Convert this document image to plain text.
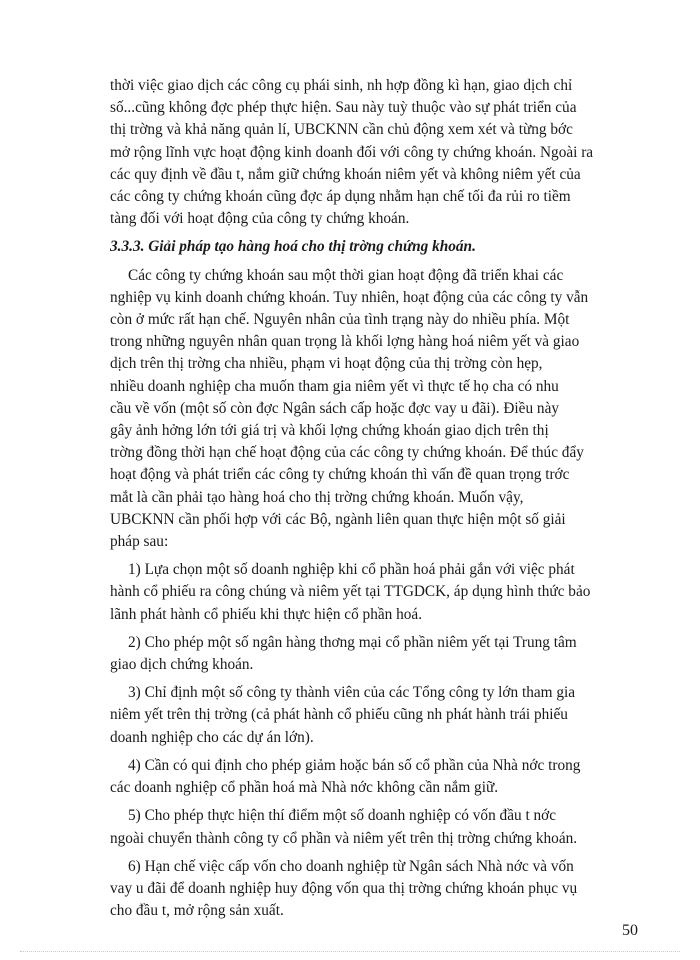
thời việc giao dịch các công cụ phái sinh, nh hợp đồng kì hạn, giao dịch chỉ
số...cũng không đợc phép thực hiện. Sau này tuỳ thuộc vào sự phát triển của
thị trờng và khả năng quản lí, UBCKNN cần chủ động xem xét và từng bớc
mở rộng lĩnh vực hoạt động kinh doanh đối với công ty chứng khoán. Ngoài ra
các quy định về đầu t, nắm giữ chứng khoán niêm yết và không niêm yết của
các công ty chứng khoán cũng đợc áp dụng nhằm hạn chế tối đa rủi ro tiềm
tàng đối với hoạt động của công ty chứng khoán.
3.3.3. Giải pháp tạo hàng hoá cho thị trờng chứng khoán.
Các công ty chứng khoán sau một thời gian hoạt động đã triển khai các
nghiệp vụ kinh doanh chứng khoán. Tuy nhiên, hoạt động của các công ty vẫn
còn ở mức rất hạn chế. Nguyên nhân của tình trạng này do nhiều phía. Một
trong những nguyên nhân quan trọng là khối lợng hàng hoá niêm yết và giao
dịch trên thị trờng cha nhiều, phạm vi hoạt động của thị trờng còn hẹp,
nhiều doanh nghiệp cha muốn tham gia niêm yết vì thực tế họ cha có nhu
cầu về vốn (một số còn đợc Ngân sách cấp hoặc đợc vay u đãi). Điều này
gây ảnh hởng lớn tới giá trị và khối lợng chứng khoán giao dịch trên thị
trờng đồng thời hạn chế hoạt động của các công ty chứng khoán. Để thúc đẩy
hoạt động và phát triển các công ty chứng khoán thì vấn đề quan trọng trớc
mắt là cần phải tạo hàng hoá cho thị trờng chứng khoán. Muốn vậy,
UBCKNN cần phối hợp với các Bộ, ngành liên quan thực hiện một số giải
pháp sau:
1) Lựa chọn một số doanh nghiệp khi cổ phần hoá phải gắn với việc phát
hành cổ phiếu ra công chúng và niêm yết tại TTGDCK, áp dụng hình thức bảo
lãnh phát hành cổ phiếu khi thực hiện cổ phần hoá.
2) Cho phép một số ngân hàng thơng mại cổ phần niêm yết tại Trung tâm
giao dịch chứng khoán.
3) Chỉ định một số công ty thành viên của các Tổng công ty lớn tham gia
niêm yết trên thị trờng (cả phát hành cổ phiếu cũng nh phát hành trái phiếu
doanh nghiệp cho các dự án lớn).
4) Cần có qui định cho phép giảm hoặc bán số cổ phần của Nhà nớc trong
các doanh nghiệp cổ phần hoá mà Nhà nớc không cần nắm giữ.
5) Cho phép thực hiện thí điểm một số doanh nghiệp có vốn đầu t nớc
ngoài chuyển thành công ty cổ phần và niêm yết trên thị trờng chứng khoán.
6) Hạn chế việc cấp vốn cho doanh nghiệp từ Ngân sách Nhà nớc và vốn
vay u đãi để doanh nghiệp huy động vốn qua thị trờng chứng khoán phục vụ
cho đầu t, mở rộng sản xuất.
50
